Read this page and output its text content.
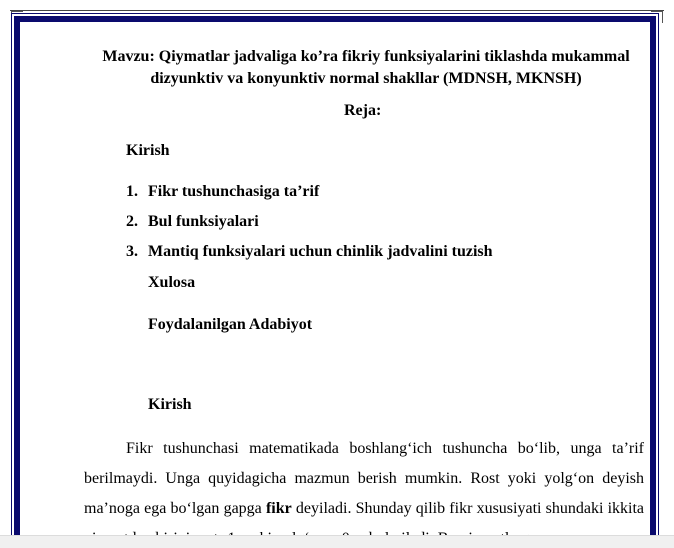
Mavzu: Qiymatlar jadvaliga ko’ra fikriy funksiyalarini tiklashda mukammal dizyunktiv va konyunktiv normal shakllar (MDNSH, MKNSH)
Reja:
Kirish
1. Fikr tushunchasiga ta’rif
2. Bul funksiyalari
3. Mantiq funksiyalari uchun chinlik jadvalini tuzish
Xulosa
Foydalanilgan Adabiyot
Kirish

Fikr tushunchasi matematikada boshlang‘ich tushuncha bo‘lib, unga ta’rif berilmaydi. Unga quyidagicha mazmun berish mumkin. Rost yoki yolg‘on deyish ma’noga ega bo‘lgan gapga fikr deyiladi. Shunday qilib fikr xususiyati shundaki ikkita
